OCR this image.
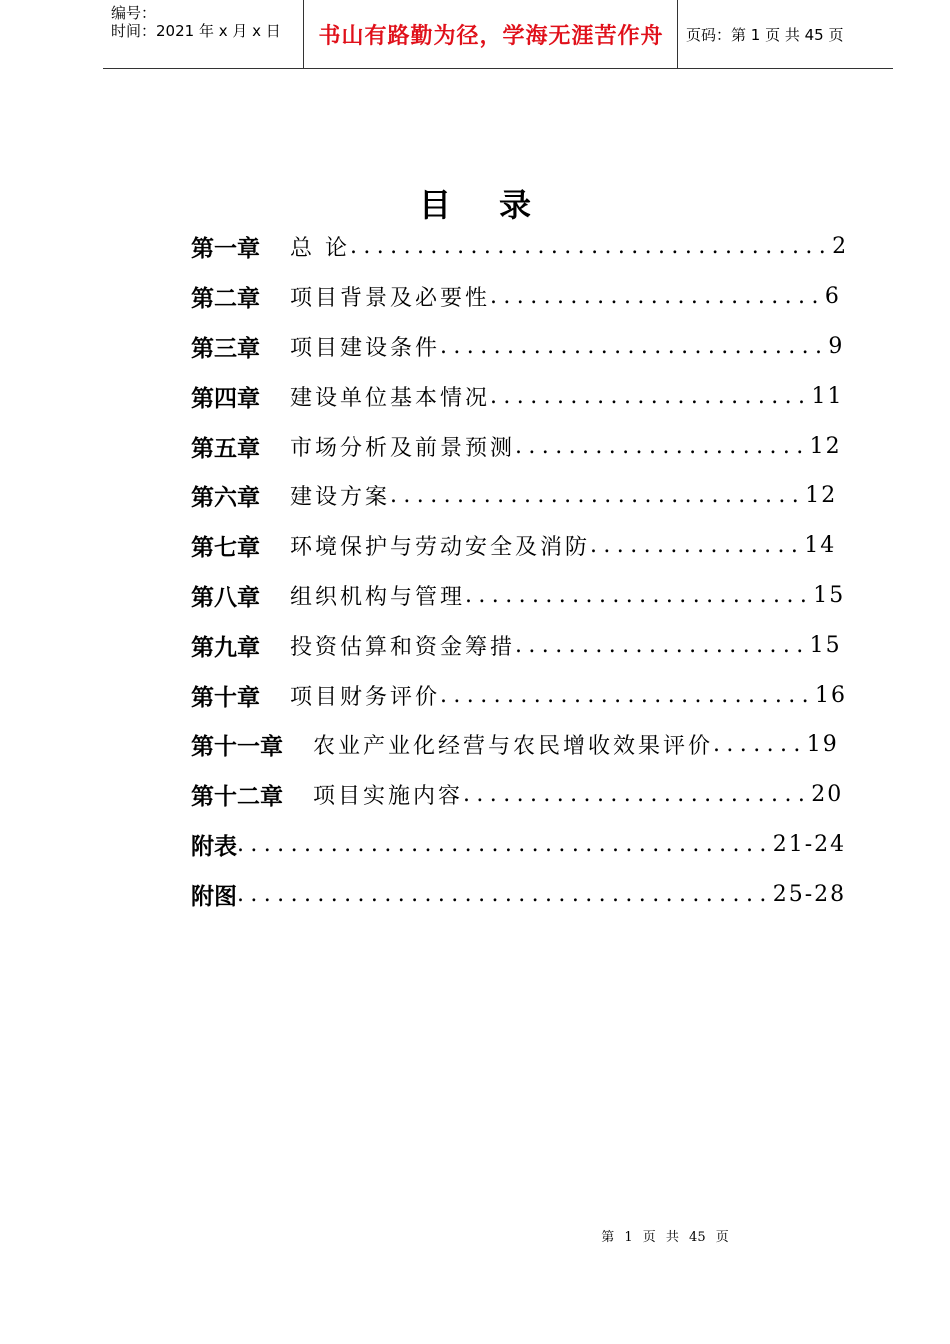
编号：
时间：2021 年 x 月 x 日	书山有路勤为径，学海无涯苦作舟	页码：第 1 页 共 45 页
目录
第一章 总 论 .................................... 2
第二章 项目背景及必要性 ......................... 6
第三章 项目建设条件 ............................. 9
第四章 建设单位基本情况 ........................ 11
第五章 市场分析及前景预测 ...................... 12
第六章 建设方案 ............................... 12
第七章 环境保护与劳动安全及消防 ................ 14
第八章 组织机构与管理 .......................... 15
第九章 投资估算和资金筹措 ...................... 15
第十章 项目财务评价 ............................ 16
第十一章 农业产业化经营与农民增收效果评价 ....... 19
第十二章 项目实施内容 .......................... 20
附表 ........................................ 21-24
附图 ........................................ 25-28
第 1 页 共 45 页
